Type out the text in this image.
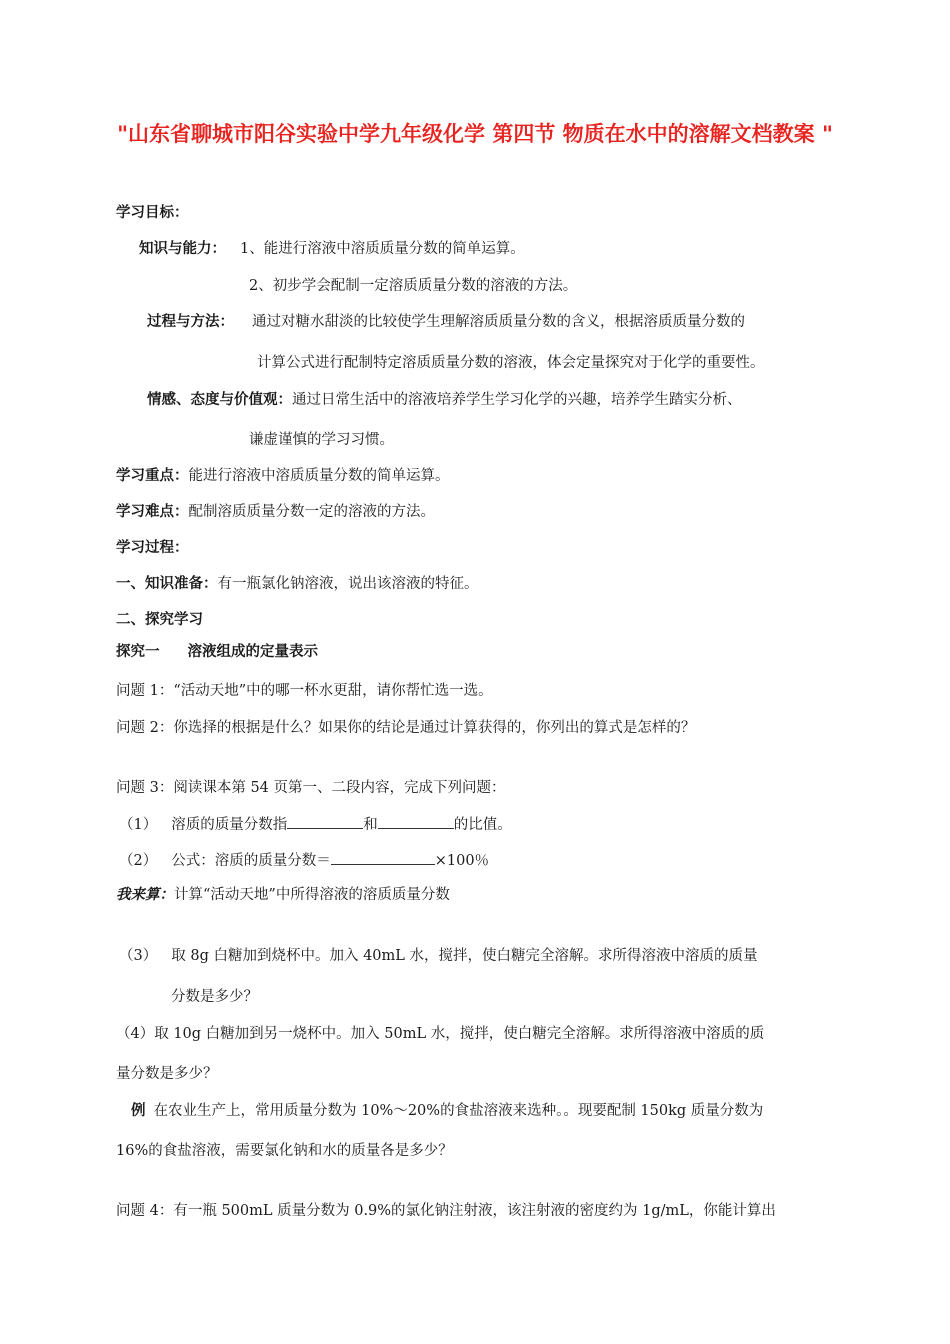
"山东省聊城市阳谷实验中学九年级化学 第四节 物质在水中的溶解文档教案 "
学习目标：
知识与能力： 1、能进行溶液中溶质质量分数的简单运算。
2、初步学会配制一定溶质质量分数的溶液的方法。
过程与方法： 通过对糖水甜淡的比较使学生理解溶质质量分数的含义，根据溶质质量分数的
计算公式进行配制特定溶质质量分数的溶液，体会定量探究对于化学的重要性。
情感、态度与价值观：通过日常生活中的溶液培养学生学习化学的兴趣，培养学生踏实分析、
谦虚谨慎的学习习惯。
学习重点：能进行溶液中溶质质量分数的简单运算。
学习难点：配制溶质质量分数一定的溶液的方法。
学习过程：
一、知识准备：有一瓶氯化钠溶液，说出该溶液的特征。
二、探究学习
探究一 溶液组成的定量表示
问题 1：“活动天地”中的哪一杯水更甜，请你帮忙选一选。
问题 2：你选择的根据是什么？如果你的结论是通过计算获得的，你列出的算式是怎样的？
问题 3：阅读课本第 54 页第一、二段内容，完成下列问题：
（1） 溶质的质量分数指	和	的比值。
（2） 公式：溶质的质量分数＝	×100％
我来算：计算“活动天地”中所得溶液的溶质质量分数
（3） 取 8g 白糖加到烧杯中。加入 40mL 水，搅拌，使白糖完全溶解。求所得溶液中溶质的质量
分数是多少？
（4）取 10g 白糖加到另一烧杯中。加入 50mL 水，搅拌，使白糖完全溶解。求所得溶液中溶质的质
量分数是多少？
例 在农业生产上，常用质量分数为 10%～20%的食盐溶液来选种。。现要配制 150kg 质量分数为
16%的食盐溶液，需要氯化钠和水的质量各是多少？
问题 4：有一瓶 500mL 质量分数为 0.9%的氯化钠注射液，该注射液的密度约为 1g/mL，你能计算出
